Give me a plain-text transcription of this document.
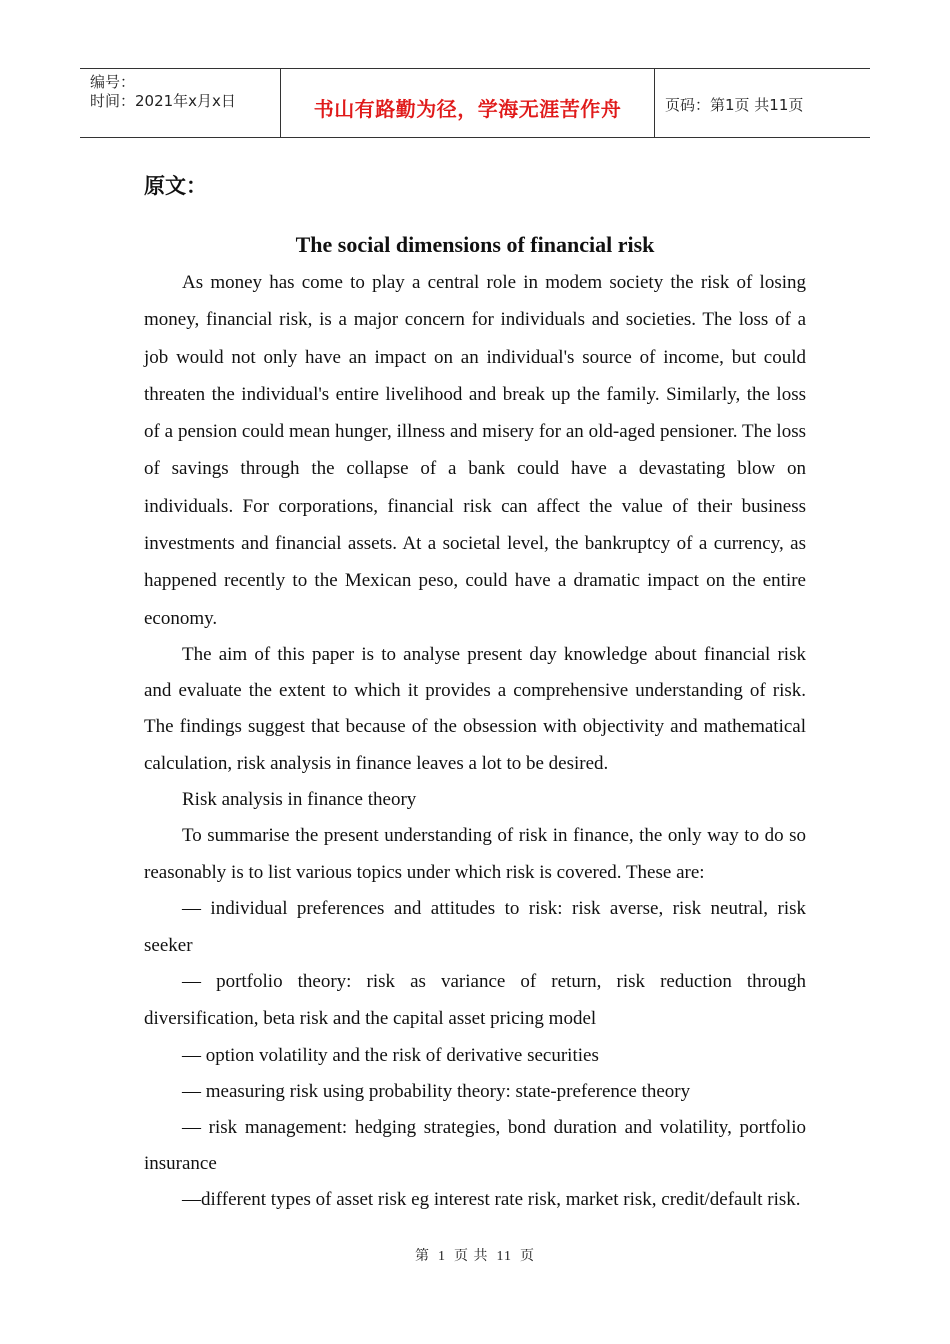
编号：
时间：2021年x月x日	书山有路勤为径，学海无涯苦作舟	页码：第1页 共11页
原文：
The social dimensions of financial risk

As money has come to play a central role in modem society the risk of losing money, financial risk, is a major concern for individuals and societies. The loss of a job would not only have an impact on an individual's source of income, but could threaten the individual's entire livelihood and break up the family. Similarly, the loss of a pension could mean hunger, illness and misery for an old-aged pensioner. The loss of savings through the collapse of a bank could have a devastating blow on individuals. For corporations, financial risk can affect the value of their business investments and financial assets. At a societal level, the bankruptcy of a currency, as happened recently to the Mexican peso, could have a dramatic impact on the entire economy.

The aim of this paper is to analyse present day knowledge about financial risk and evaluate the extent to which it provides a comprehensive understanding of risk. The findings suggest that because of the obsession with objectivity and mathematical calculation, risk analysis in finance leaves a lot to be desired.

Risk analysis in finance theory

To summarise the present understanding of risk in finance, the only way to do so reasonably is to list various topics under which risk is covered. These are:

— individual preferences and attitudes to risk: risk averse, risk neutral, risk seeker

— portfolio theory: risk as variance of return, risk reduction through diversification, beta risk and the capital asset pricing model

— option volatility and the risk of derivative securities

— measuring risk using probability theory: state-preference theory

— risk management: hedging strategies, bond duration and volatility, portfolio insurance

—different types of asset risk eg interest rate risk, market risk, credit/default risk.

第 1 页 共 11 页
